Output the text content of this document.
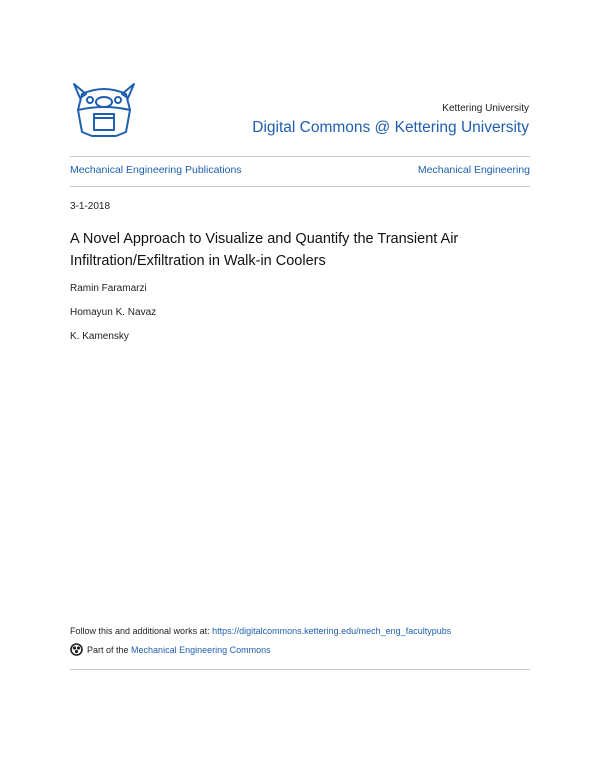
Kettering University
Digital Commons @ Kettering University
Mechanical Engineering Publications	Mechanical Engineering
3-1-2018
A Novel Approach to Visualize and Quantify the Transient Air Infiltration/Exfiltration in Walk-in Coolers
Ramin Faramarzi
Homayun K. Navaz
K. Kamensky
Follow this and additional works at: https://digitalcommons.kettering.edu/mech_eng_facultypubs
Part of the
Mechanical Engineering Commons
